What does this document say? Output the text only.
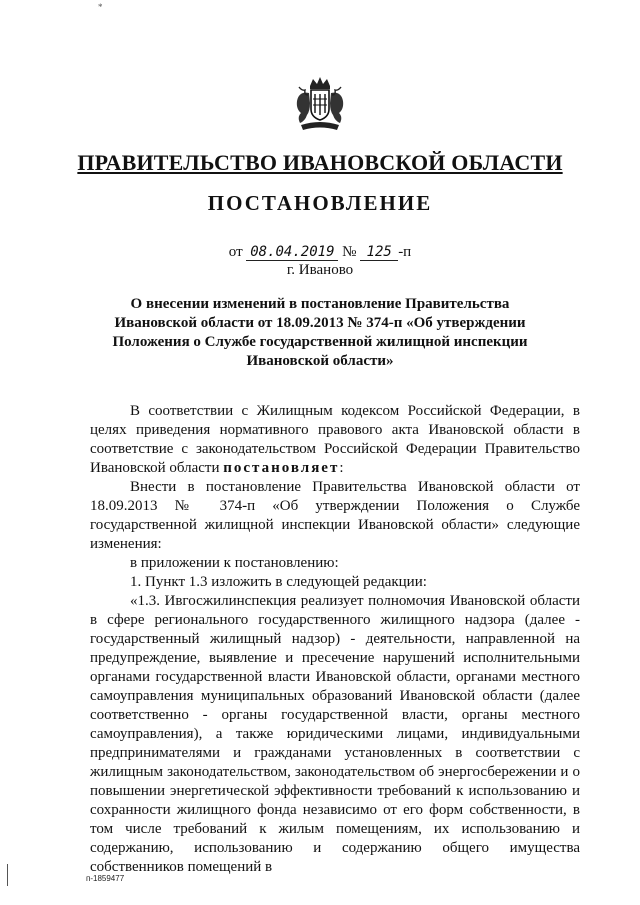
*
ПРАВИТЕЛЬСТВО ИВАНОВСКОЙ ОБЛАСТИ
ПОСТАНОВЛЕНИЕ
от 08.04.2019 № 125 -п
г. Иваново
О внесении изменений в постановление Правительства Ивановской области от 18.09.2013 № 374-п «Об утверждении Положения о Службе государственной жилищной инспекции Ивановской области»

В соответствии с Жилищным кодексом Российской Федерации, в целях приведения нормативного правового акта Ивановской области в соответствие с законодательством Российской Федерации Правительство Ивановской области постановляет:

Внести в постановление Правительства Ивановской области от 18.09.2013 № 374-п «Об утверждении Положения о Службе государственной жилищной инспекции Ивановской области» следующие изменения:

в приложении к постановлению:

1. Пункт 1.3 изложить в следующей редакции:

«1.3. Ивгосжилинспекция реализует полномочия Ивановской области в сфере регионального государственного жилищного надзора (далее - государственный жилищный надзор) - деятельности, направленной на предупреждение, выявление и пресечение нарушений исполнительными органами государственной власти Ивановской области, органами местного самоуправления муниципальных образований Ивановской области (далее соответственно - органы государственной власти, органы местного самоуправления), а также юридическими лицами, индивидуальными предпринимателями и гражданами установленных в соответствии с жилищным законодательством, законодательством об энергосбережении и о повышении энергетической эффективности требований к использованию и сохранности жилищного фонда независимо от его форм собственности, в том числе требований к жилым помещениям, их использованию и содержанию, использованию и содержанию общего имущества собственников помещений в

п-1859477
